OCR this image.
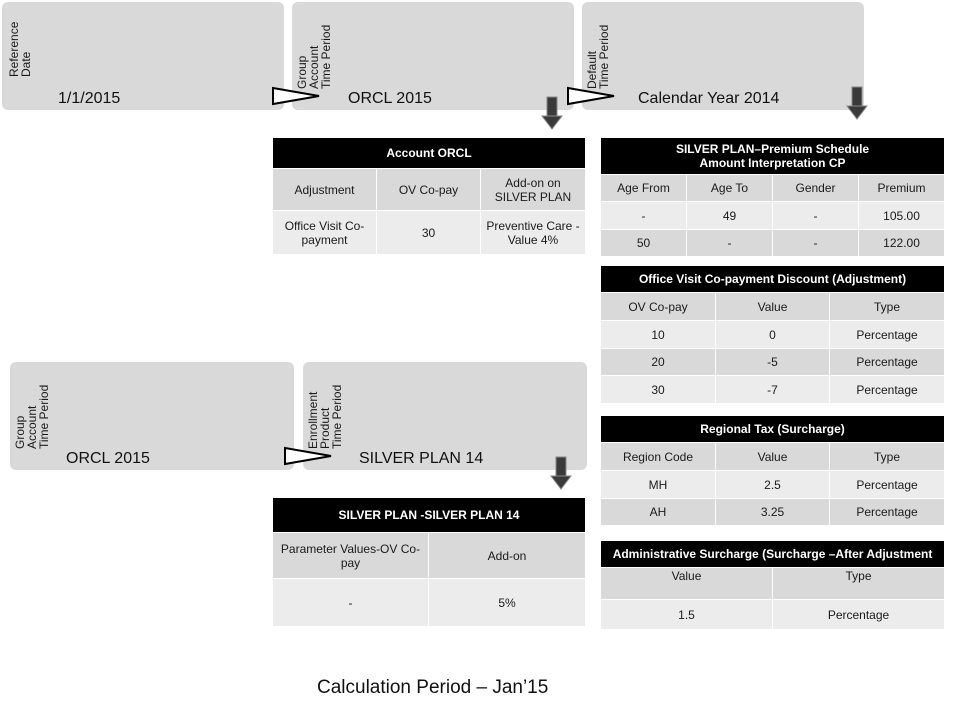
Reference
Date
1/1/2015
Group
Account
Time Period
ORCL 2015
Default
Time Period
Calendar Year 2014
Group
Account
Time Period
ORCL 2015
Enrollment
Product
Time Period
SILVER PLAN 14
Account ORCL		
Adjustment	OV Co-pay	Add-on on SILVER PLAN
Office Visit Co-payment	30	Preventive Care - Value 4%
SILVER PLAN–Premium Schedule
Amount Interpretation CP			
Age From	Age To	Gender	Premium
-	49	-	105.00
50	-	-	122.00
Office Visit Co-payment Discount (Adjustment)		
OV Co-pay	Value	Type
10	0	Percentage
20	-5	Percentage
30	-7	Percentage
Regional Tax (Surcharge)		
Region Code	Value	Type
MH	2.5	Percentage
AH	3.25	Percentage
Administrative Surcharge (Surcharge –After Adjustment	
Value	Type
1.5	Percentage
SILVER PLAN -SILVER PLAN 14	
Parameter Values-OV Co-pay	Add-on
-	5%
Calculation Period – Jan’15
